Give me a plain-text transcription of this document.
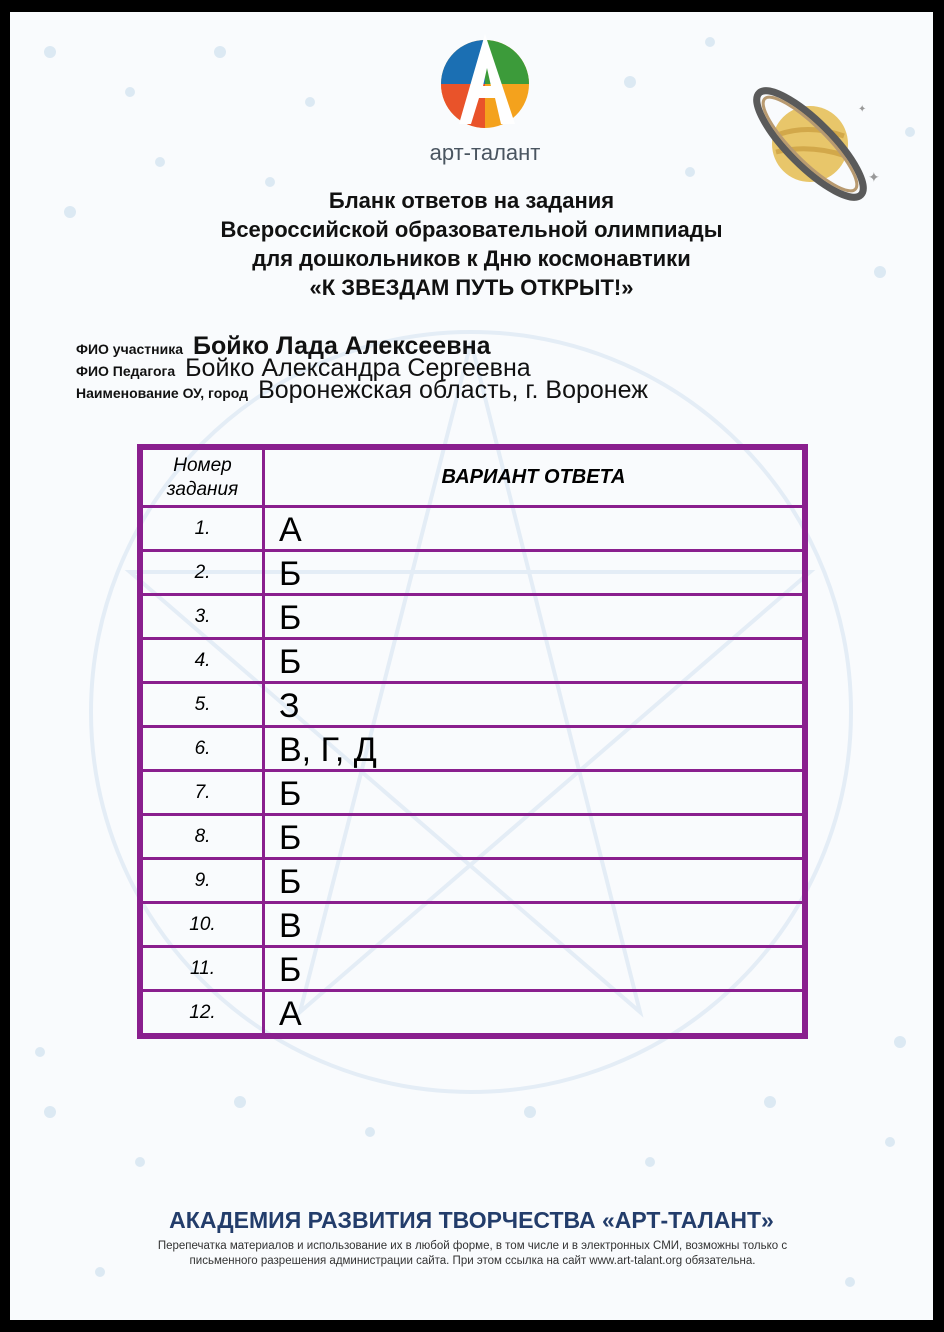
арт-талант
✦
✦
Бланк ответов на задания
Всероссийской образовательной олимпиады
для дошкольников к Дню космонавтики
«К ЗВЕЗДАМ ПУТЬ ОТКРЫТ!»
ФИО участника Бойко Лада Алексеевна
ФИО Педагога Бойко Александра Сергеевна
Наименование ОУ, город Воронежская область, г. Воронеж
Номер
задания	ВАРИАНТ ОТВЕТА
1.	А
2.	Б
3.	Б
4.	Б
5.	З
6.	В, Г, Д
7.	Б
8.	Б
9.	Б
10.	В
11.	Б
12.	А
АКАДЕМИЯ РАЗВИТИЯ ТВОРЧЕСТВА «АРТ-ТАЛАНТ»
Перепечатка материалов и использование их в любой форме, в том числе и в электронных СМИ, возможны только с
письменного разрешения администрации сайта. При этом ссылка на сайт www.art-talant.org обязательна.
